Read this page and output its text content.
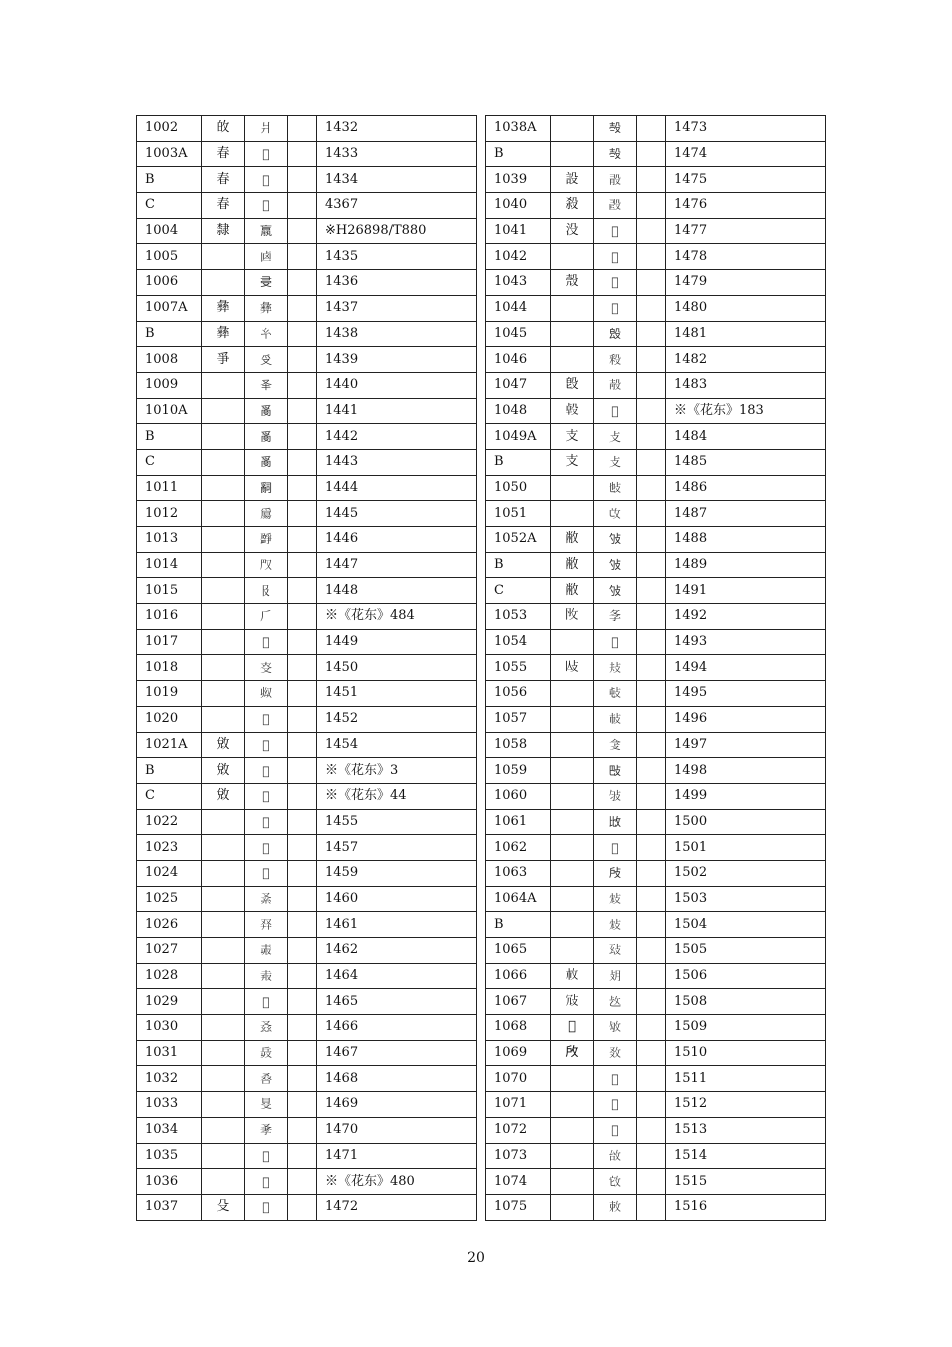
1002	敀	爿		1432
1003A	春	𣌢		1433
B	春	𣌢		1434
C	春	𣌢		4367
1004	隸	𣎆		※H26898/T880
1005		𠧟		1435
1006		𠬶		1436
1007A	彝	彝		1437
B	彝	𢆯		1438
1008	爭	𠬪		1439
1009		𠬤		1440
1010A		𤔔		1441
B		𤔔		1442
C		𤔔		1443
1011		𤔲		1444
1012		𤔰		1445
1013		𤔷		1446
1014		𠬮		1447
1015		𠬝		1448
1016		𠂆		※《花东》484
1017		𠬰		1449
1018		𠬲		1450
1019		𠬳		1451
1020		𠬴		1452
1021A	敓	𢻱		1454
B	敓	𢻱		※《花东》3
C	敓	𢻱		※《花东》44
1022		𠬵		1455
1023		𠬷		1457
1024		𠬸		1459
1025		𠬹		1460
1026		𠬺		1461
1027		𠬻		1462
1028		𠬼		1464
1029		𠬽		1465
1030		𠬾		1466
1031		𠬿		1467
1032		𠭀		1468
1033		𠭁		1469
1034		𠭂		1470
1035		𠭃		1471
1036		𠭄		※《花东》480
1037	殳	𠭅		1472
1038A		𣪊		1473
B		𣪊		1474
1039	設	𣪏		1475
1040	殺	𣪐		1476
1041	没	𣪑		1477
1042		𣪒		1478
1043	殼	𣪓		1479
1044		𣪔		1480
1045		𣪕		1481
1046		𣪖		1482
1047	𣪘	𣪗		1483
1048	𣪙	𣪚		※《花东》183
1049A	支	攴		1484
B	支	攴		1485
1050		𢻫		1486
1051		𢻬		1487
1052A	敝	𢻭		1488
B	敝	𢻭		1489
C	敝	𢻭		1491
1053	𢻮	𢻯		1492
1054		𢻰		1493
1055	𢻲	𢻳		1494
1056		𢻴		1495
1057		𢻵		1496
1058		𢻶		1497
1059		𢻷		1498
1060		𢻸		1499
1061		𢻹		1500
1062		𢻺		1501
1063		𢻻		1502
1064A		𢻼		1503
B		𢻼		1504
1065		𢻽		1505
1066	𢻾	𢻿		1506
1067	𢼀	𢼁		1508
1068	𢼂	𢼃		1509
1069	𢼄	𢼅		1510
1070		𢼆		1511
1071		𢼇		1512
1072		𢼈		1513
1073		𢼉		1514
1074		𢼊		1515
1075		𢼋		1516
20
